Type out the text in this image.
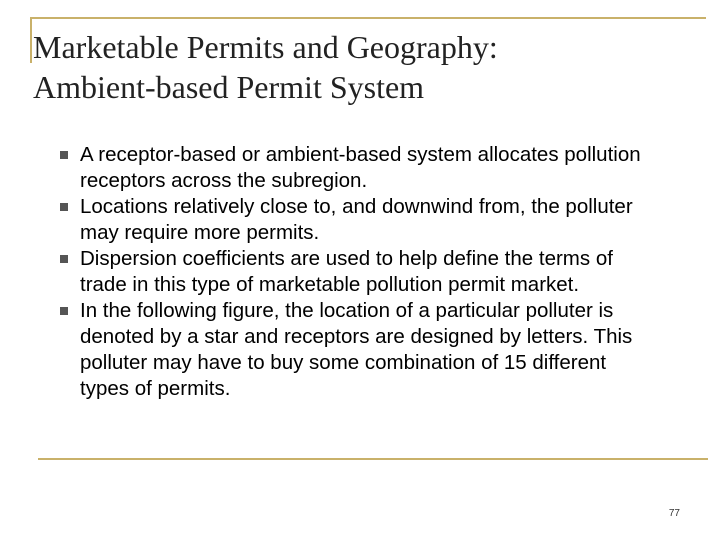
Marketable Permits and Geography:
Ambient-based Permit System
A receptor-based or ambient-based system allocates pollution receptors across the subregion.
Locations relatively close to, and downwind from, the polluter may require more permits.
Dispersion coefficients are used to help define the terms of trade in this type of marketable pollution permit market.
In the following figure, the location of a particular polluter is denoted by a star and receptors are designed by letters. This polluter may have to buy some combination of 15 different types of permits.
77
